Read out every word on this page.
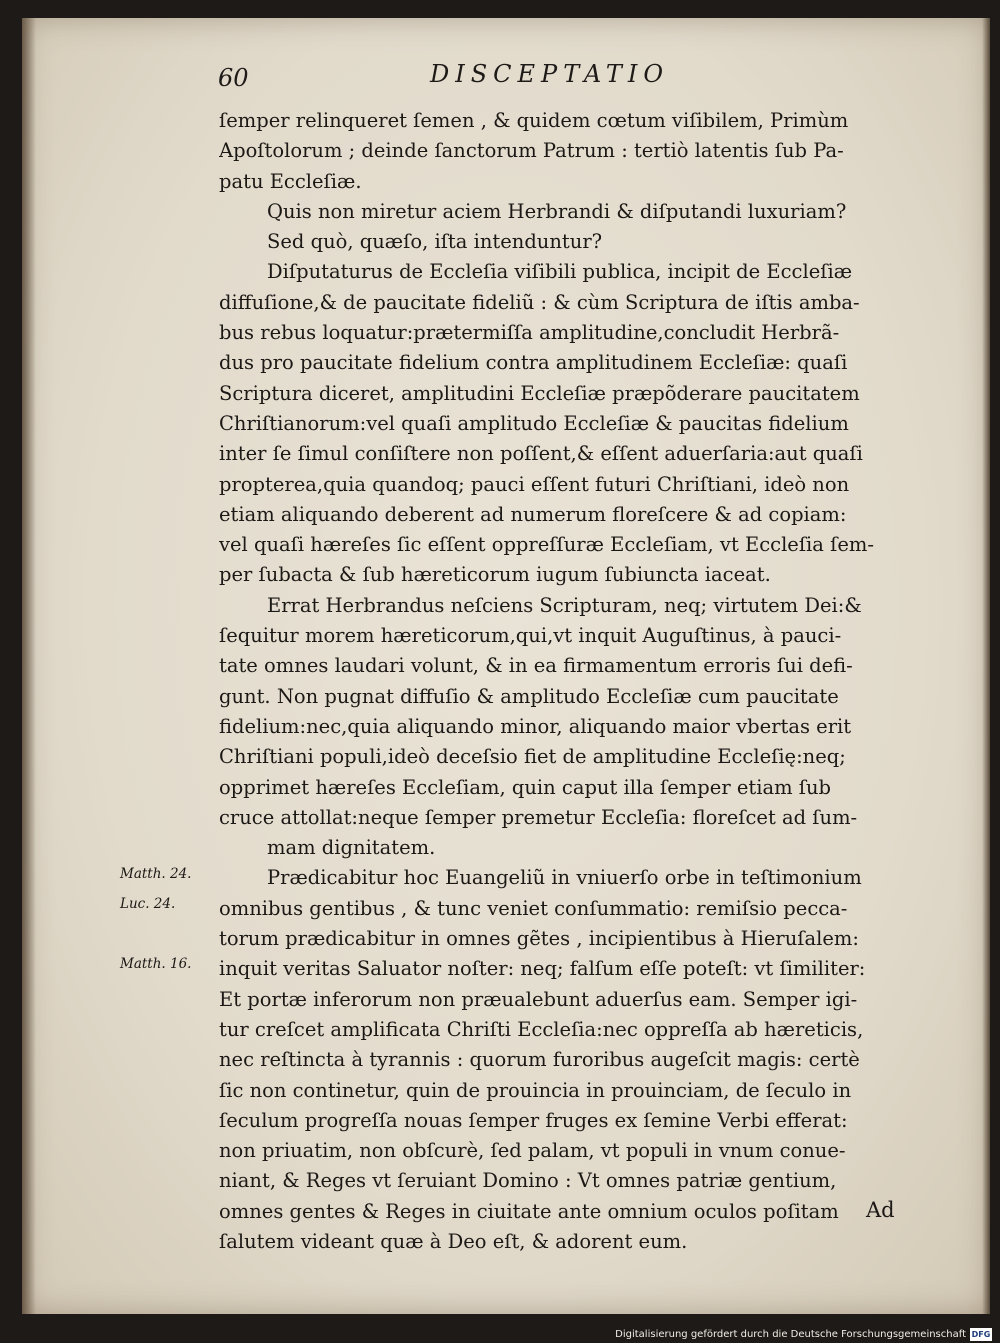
60	DISCEPTATIO
ſemper relinqueret ſemen , & quidem cœtum viſibilem, Primùm
Apoſtolorum ; deinde ſanctorum Patrum : tertiò latentis ſub Pa-
patu Eccleſiæ.
Quis non miretur aciem Herbrandi & diſputandi luxuriam?
Sed quò, quæſo, iſta intenduntur?
Diſputaturus de Eccleſia viſibili publica, incipit de Eccleſiæ
diffuſione,& de paucitate fideliũ : & cùm Scriptura de iſtis amba-
bus rebus loquatur:prætermiſſa amplitudine,concludit Herbrã-
dus pro paucitate fidelium contra amplitudinem Eccleſiæ: quaſi
Scriptura diceret, amplitudini Eccleſiæ præpõderare paucitatem
Chriſtianorum:vel quaſi amplitudo Eccleſiæ & paucitas fidelium
inter ſe ſimul conſiſtere non poſſent,& eſſent aduerſaria:aut quaſi
propterea,quia quandoq; pauci eſſent futuri Chriſtiani, ideò non
etiam aliquando deberent ad numerum floreſcere & ad copiam:
vel quaſi hæreſes ſic eſſent oppreſſuræ Eccleſiam, vt Eccleſia ſem-
per ſubacta & ſub hæreticorum iugum ſubiuncta iaceat.
Errat Herbrandus neſciens Scripturam, neq; virtutem Dei:&
ſequitur morem hæreticorum,qui,vt inquit Auguſtinus, à pauci-
tate omnes laudari volunt, & in ea firmamentum erroris ſui defi-
gunt. Non pugnat diffuſio & amplitudo Eccleſiæ cum paucitate
fidelium:nec,quia aliquando minor, aliquando maior vbertas erit
Chriſtiani populi,ideò deceſsio fiet de amplitudine Eccleſię:neq;
opprimet hæreſes Eccleſiam, quin caput illa ſemper etiam ſub
cruce attollat:neque ſemper premetur Eccleſia: floreſcet ad ſum-
mam dignitatem.
Prædicabitur hoc Euangeliũ in vniuerſo orbe in teſtimonium
omnibus gentibus , & tunc veniet conſummatio: remiſsio pecca-
torum prædicabitur in omnes gẽtes , incipientibus à Hieruſalem:
inquit veritas Saluator noſter: neq; falſum eſſe poteſt: vt ſimiliter:
Et portæ inferorum non præualebunt aduerſus eam. Semper igi-
tur creſcet amplificata Chriſti Eccleſia:nec oppreſſa ab hæreticis,
nec reſtincta à tyrannis : quorum furoribus augeſcit magis: certè
ſic non continetur, quin de prouincia in prouinciam, de ſeculo in
ſeculum progreſſa nouas ſemper fruges ex ſemine Verbi efferat:
non priuatim, non obſcurè, ſed palam, vt populi in vnum conue-
niant, & Reges vt ſeruiant Domino : Vt omnes patriæ gentium,
omnes gentes & Reges in ciuitate ante omnium oculos poſitam
ſalutem videant quæ à Deo eſt, & adorent eum.
Matth. 24.
Luc. 24.
Matth. 16.
Ad
Digitalisierung gefördert durch die Deutsche Forschungsgemeinschaft DFG
